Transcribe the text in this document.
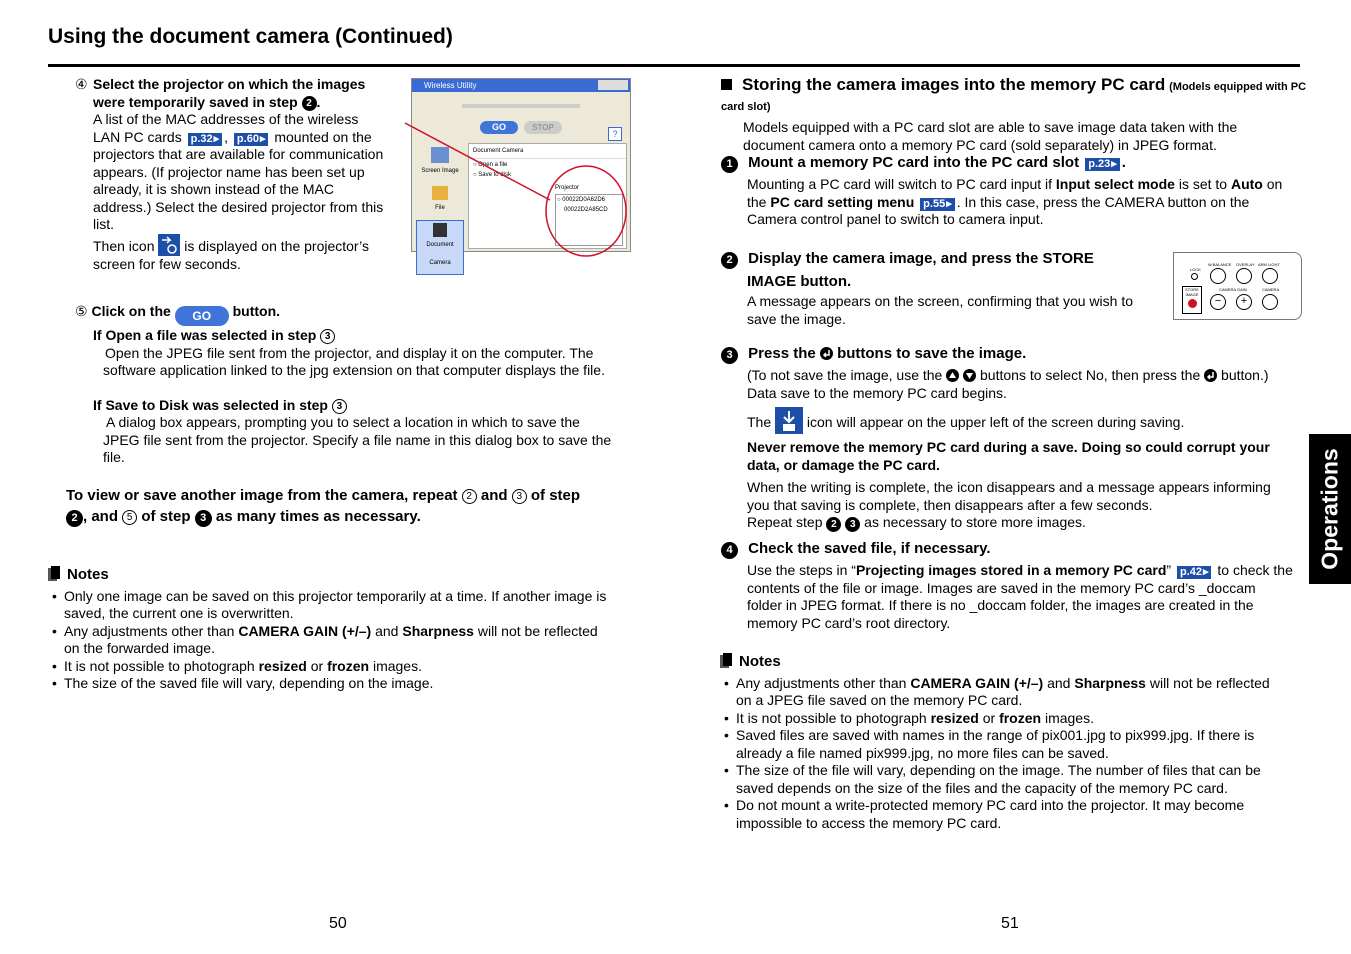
Using the document camera (Continued)
Operations
④ Select the projector on which the images
were temporarily saved in step 2 .
A list of the MAC addresses of the wireless
LAN PC cards p.32 ▸ , p.60 ▸ mounted on the
projectors that are available for communication
appears. (If projector name has been set up
already, it is shown instead of the MAC
address.) Select the desired projector from this
list.
Then icon is displayed on the projector’s
screen for few seconds.
Wireless Utility
GO	STOP
?
Screen Image
File
Document Camera
Document Camera
○ Open a file
○ Save to disk
Projector
○ 00022D0A62D6
00022D2A85CD
⑤ Click on the GO button.
If Open a file was selected in step 3
Open the JPEG file sent from the projector, and display it on the computer. The
software application linked to the jpg extension on that computer displays the file.
If Save to Disk was selected in step 3
A dialog box appears, prompting you to select a location in which to save the
JPEG file sent from the projector. Specify a file name in this dialog box to save the
file.
To view or save another image from the camera, repeat 2 and 3 of step
2 , and 5 of step 3 as many times as necessary.
Notes
• Only one image can be saved on this projector temporarily at a time. If another image is
saved, the current one is overwritten.
• Any adjustments other than CAMERA GAIN (+/–) and Sharpness will not be reflected
on the forwarded image.
• It is not possible to photograph resized or frozen images.
• The size of the saved file will vary, depending on the image.
Storing the camera images into the memory PC card (Models equipped with PC card slot)
Models equipped with a PC card slot are able to save image data taken with the
document camera onto a memory PC card (sold separately) in JPEG format.
1 Mount a memory PC card into the PC card slot p.23 ▸ .
Mounting a PC card will switch to PC card input if Input select mode is set to Auto on
the PC card setting menu p.55 ▸ . In this case, press the CAMERA button on the
Camera control panel to switch to camera input.
2 Display the camera image, and press the STORE
IMAGE button.
A message appears on the screen, confirming that you wish to
save the image.
W.BALANCE OVERLAY ARM LIGHT
LOCK
STORE IMAGE
CAMERA GAIN
−	+
CAMERA
3 Press the buttons to save the image.
(To not save the image, use the
	buttons to select No, then press the button.)
Data save to the memory PC card begins.
The	icon will appear on the upper left of the screen during saving.
Never remove the memory PC card during a save. Doing so could corrupt your
data, or damage the PC card.
When the writing is complete, the icon disappears and a message appears informing
you that saving is complete, then disappears after a few seconds.
Repeat step 2 3 as necessary to store more images.
4 Check the saved file, if necessary.
Use the steps in “Projecting images stored in a memory PC card” p.42 ▸ to check the
contents of the file or image. Images are saved in the memory PC card’s _doccam
folder in JPEG format. If there is no _doccam folder, the images are created in the
memory PC card’s root directory.
Notes
• Any adjustments other than CAMERA GAIN (+/–) and Sharpness will not be reflected
on a JPEG file saved on the memory PC card.
• It is not possible to photograph resized or frozen images.
• Saved files are saved with names in the range of pix001.jpg to pix999.jpg. If there is
already a file named pix999.jpg, no more files can be saved.
• The size of the file will vary, depending on the image. The number of files that can be
saved depends on the size of the files and the capacity of the memory PC card.
• Do not mount a write-protected memory PC card into the projector. It may become
impossible to access the memory PC card.
50	51
